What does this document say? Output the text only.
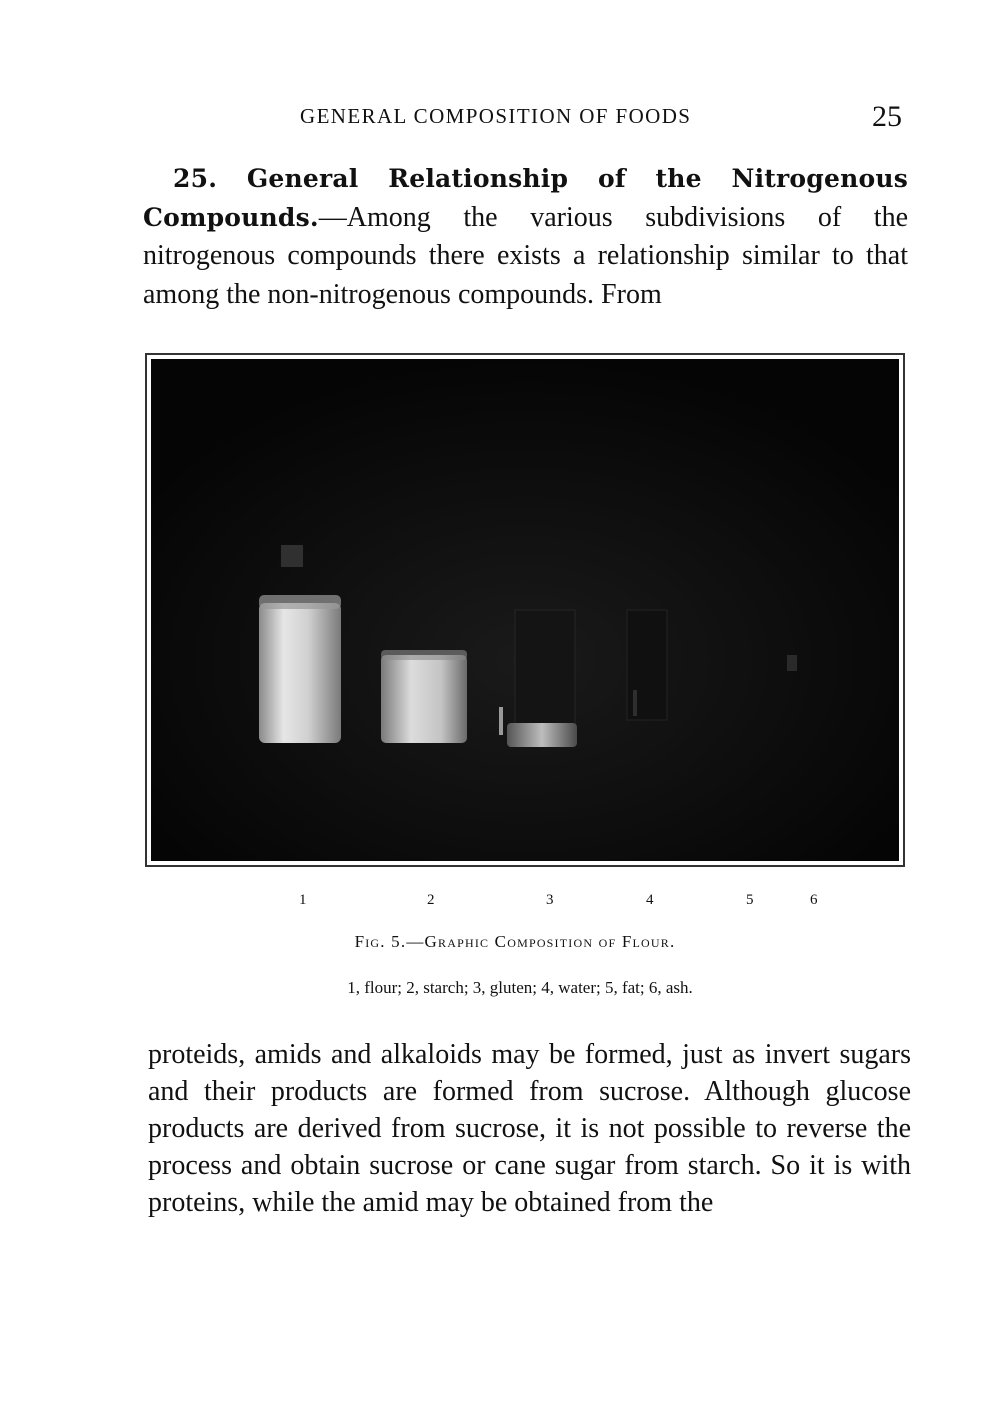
GENERAL COMPOSITION OF FOODS	25
25. General Relationship of the Nitrogenous Compounds.—Among the various subdivisions of the nitrogenous compounds there exists a relationship similar to that among the non-nitrogenous compounds. From
1	2	3	4	5	6
Fig. 5.—Graphic Composition of Flour.
1, flour; 2, starch; 3, gluten; 4, water; 5, fat; 6, ash.
proteids, amids and alkaloids may be formed, just as invert sugars and their products are formed from sucrose. Although glucose products are derived from sucrose, it is not possible to reverse the process and obtain sucrose or cane sugar from starch. So it is with proteins, while the amid may be obtained from the
